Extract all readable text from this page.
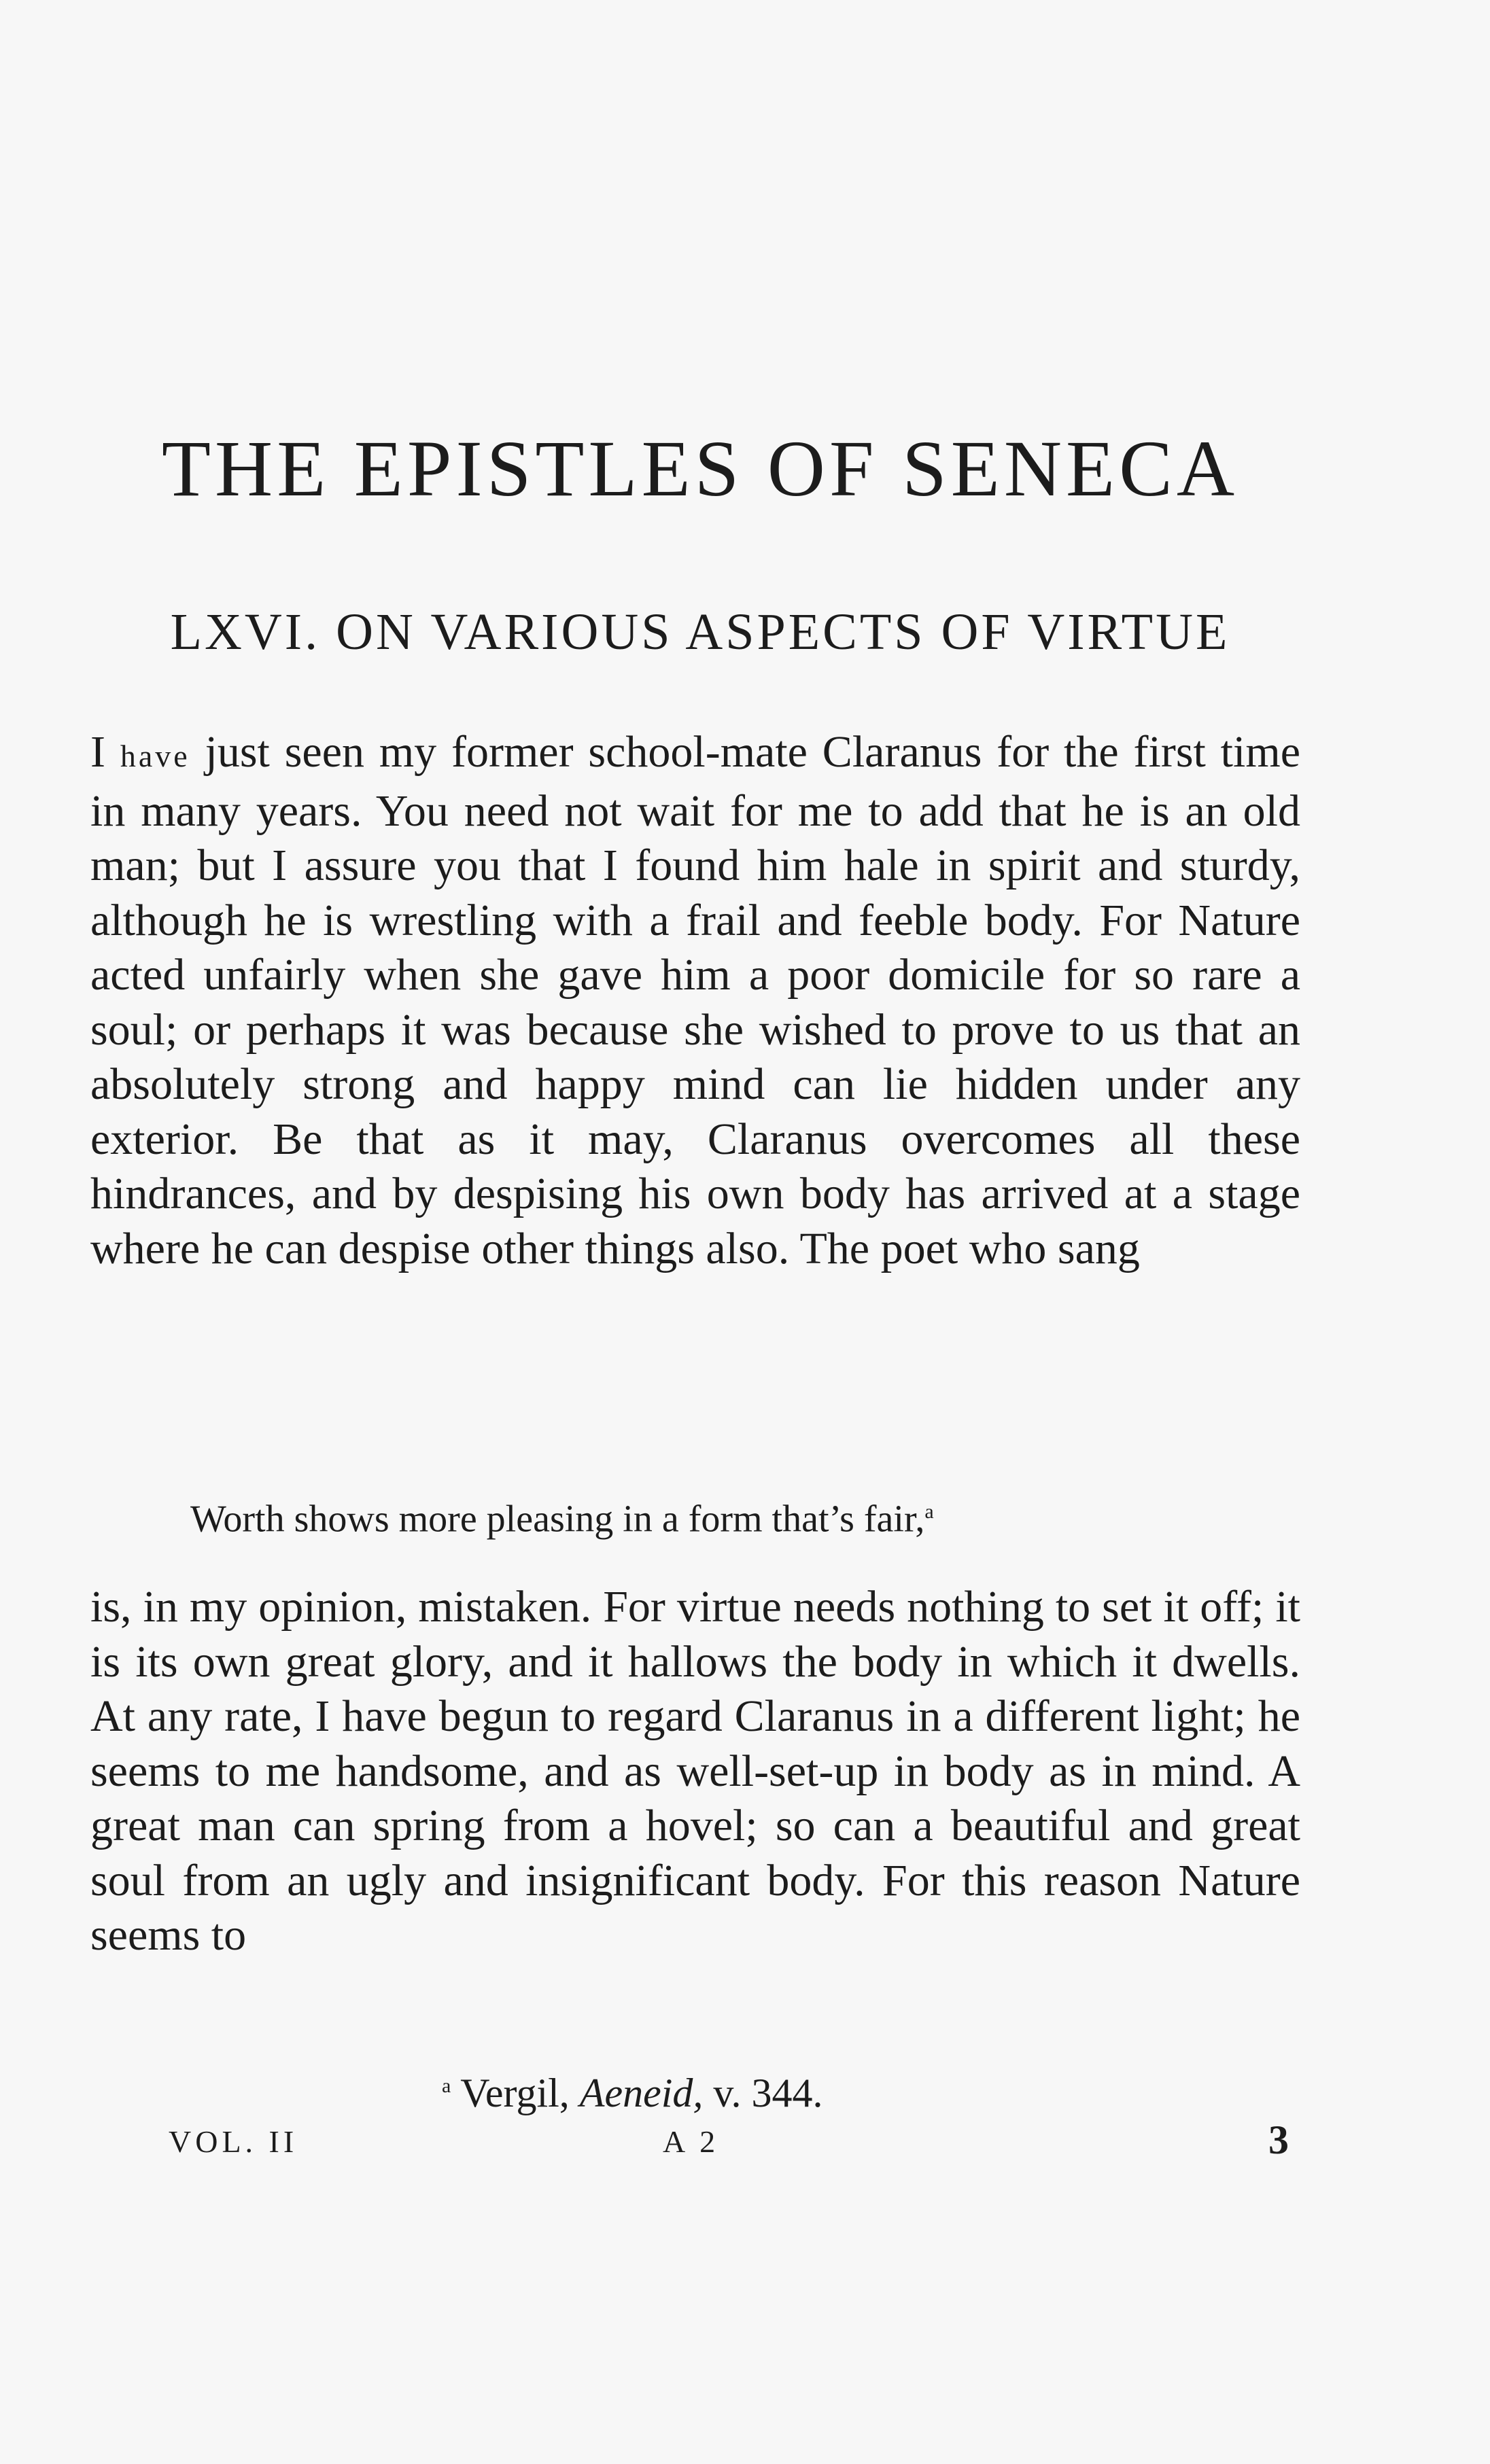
THE EPISTLES OF SENECA
LXVI. ON VARIOUS ASPECTS OF VIRTUE

I have just seen my former school-mate Claranus for the first time in many years. You need not wait for me to add that he is an old man; but I assure you that I found him hale in spirit and sturdy, although he is wrestling with a frail and feeble body. For Nature acted unfairly when she gave him a poor domicile for so rare a soul; or perhaps it was because she wished to prove to us that an absolutely strong and happy mind can lie hidden under any exterior. Be that as it may, Claranus overcomes all these hindrances, and by despising his own body has arrived at a stage where he can despise other things also. The poet who sang

Worth shows more pleasing in a form that’s fair,$^a$

is, in my opinion, mistaken. For virtue needs nothing to set it off; it is its own great glory, and it hallows the body in which it dwells. At any rate, I have begun to regard Claranus in a different light; he seems to me handsome, and as well-set-up in body as in mind. A great man can spring from a hovel; so can a beautiful and great soul from an ugly and insignificant body. For this reason Nature seems to

$^a$ Vergil, Aeneid, v. 344.

VOL. II	A 2	3
